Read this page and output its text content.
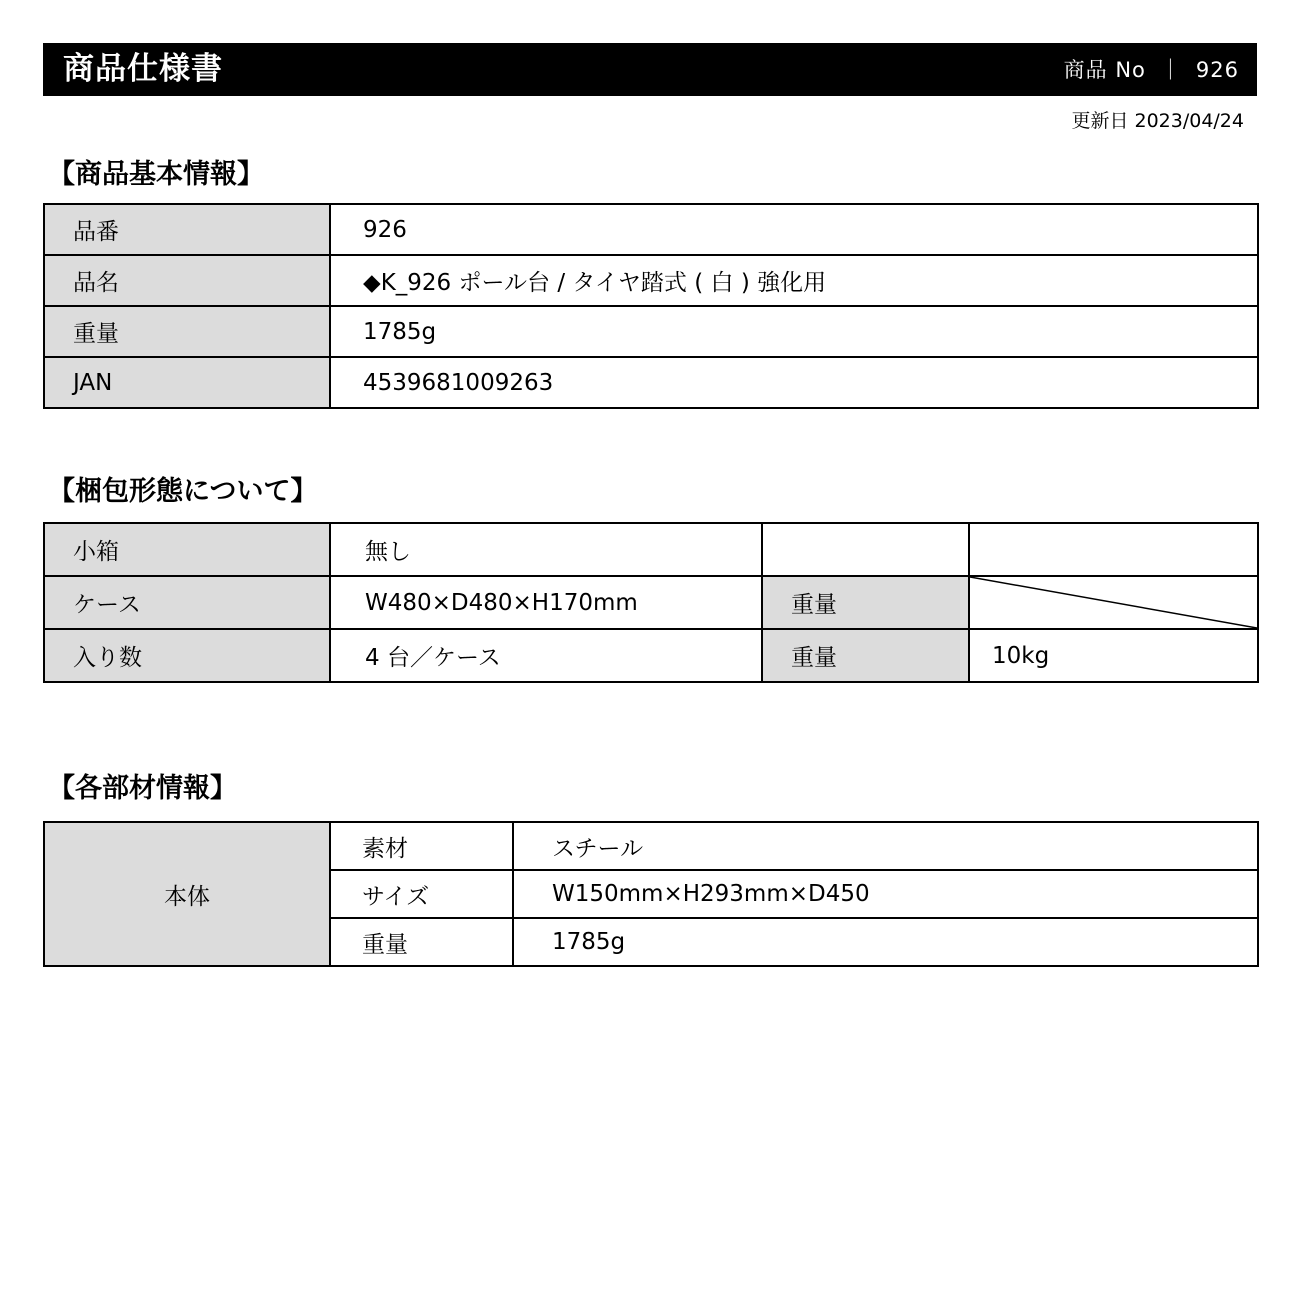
商品仕様書	商品 No ｜ 926
更新日 2023/04/24
【商品基本情報】
品番	926
品名	◆K_926 ポール台 / タイヤ踏式 ( 白 ) 強化用
重量	1785g
JAN	4539681009263
【梱包形態について】
小箱	無し		
ケース	W480×D480×H170mm	重量	

入り数	4 台／ケース	重量	10kg
【各部材情報】
本体	素材	スチール
	サイズ	W150mm×H293mm×D450
	重量	1785g
